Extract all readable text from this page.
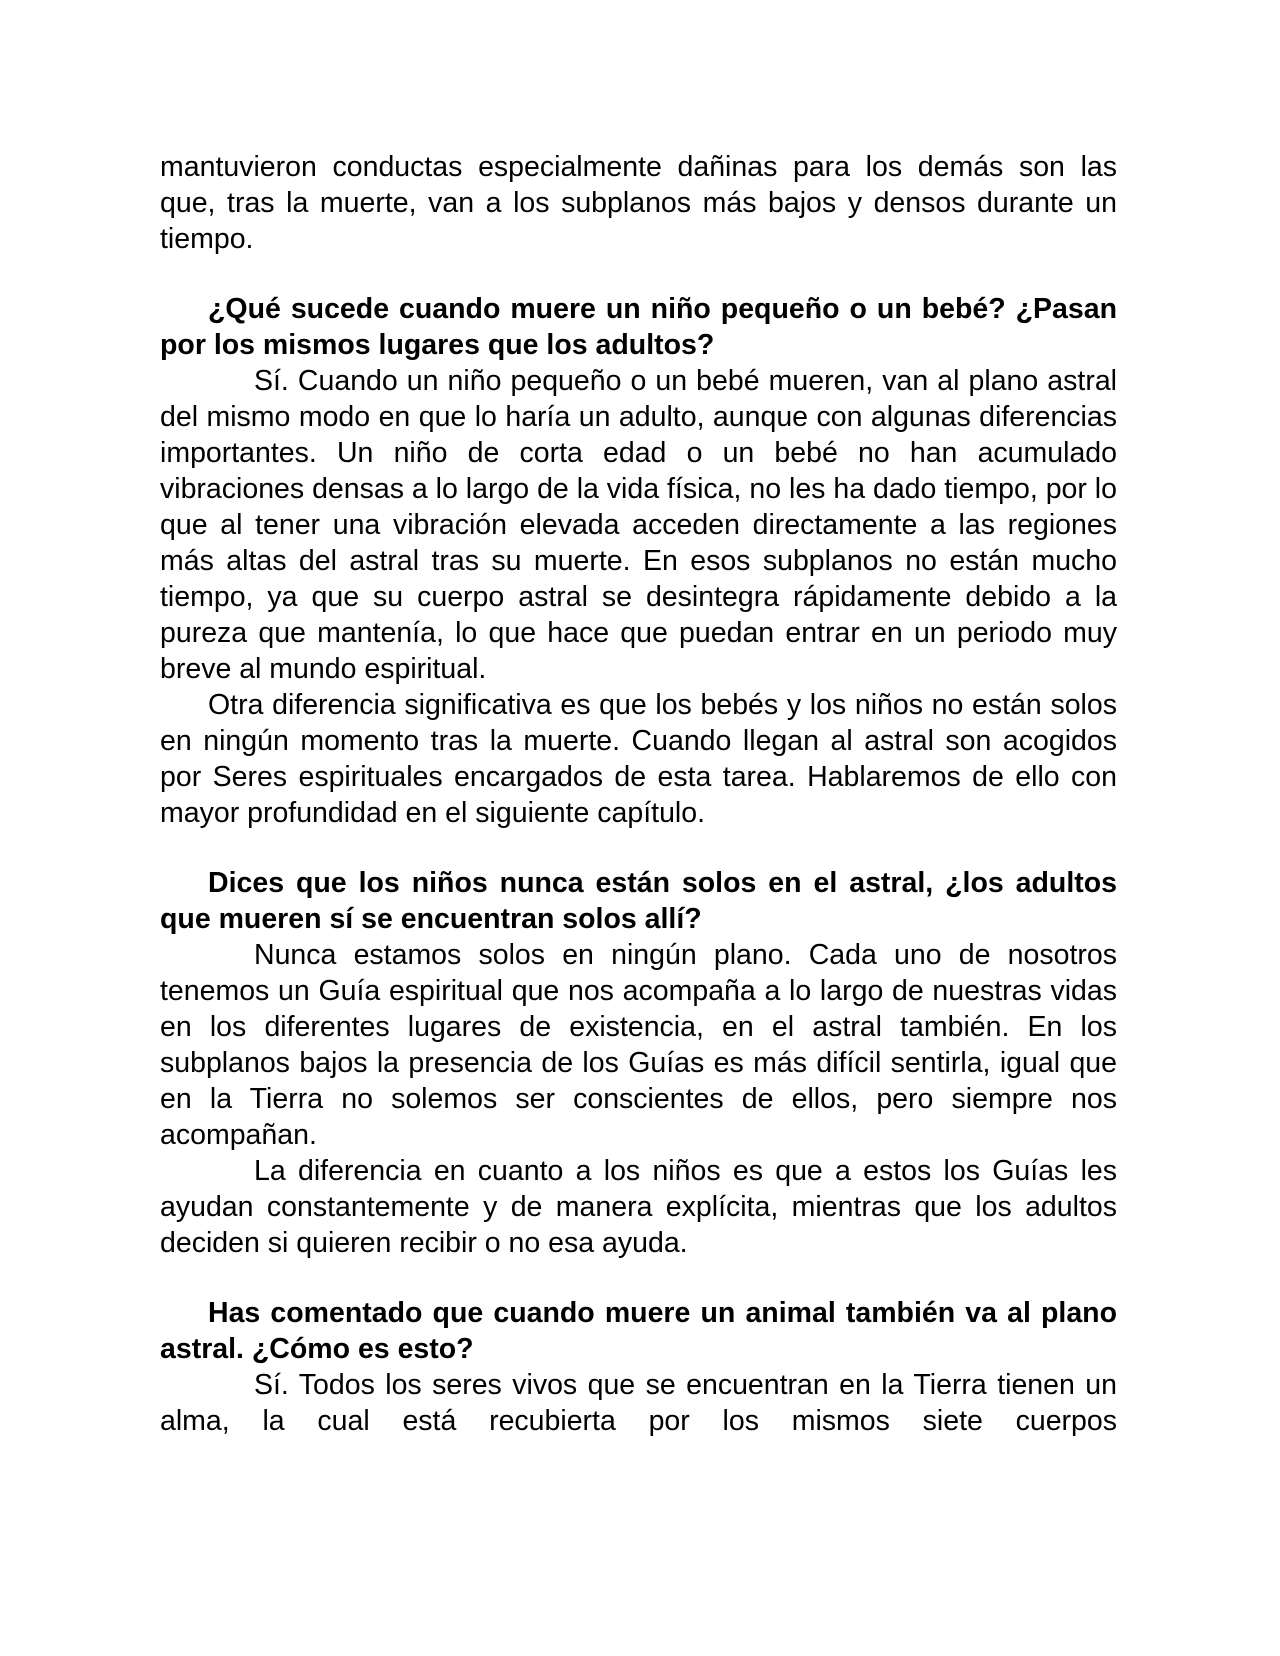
mantuvieron conductas especialmente dañinas para los demás son las que, tras la muerte, van a los subplanos más bajos y densos durante un tiempo.

¿Qué sucede cuando muere un niño pequeño o un bebé? ¿Pasan por los mismos lugares que los adultos?

Sí. Cuando un niño pequeño o un bebé mueren, van al plano astral del mismo modo en que lo haría un adulto, aunque con algunas diferencias importantes. Un niño de corta edad o un bebé no han acumulado vibraciones densas a lo largo de la vida física, no les ha dado tiempo, por lo que al tener una vibración elevada acceden directamente a las regiones más altas del astral tras su muerte. En esos subplanos no están mucho tiempo, ya que su cuerpo astral se desintegra rápidamente debido a la pureza que mantenía, lo que hace que puedan entrar en un periodo muy breve al mundo espiritual.

Otra diferencia significativa es que los bebés y los niños no están solos en ningún momento tras la muerte. Cuando llegan al astral son acogidos por Seres espirituales encargados de esta tarea. Hablaremos de ello con mayor profundidad en el siguiente capítulo.

Dices que los niños nunca están solos en el astral, ¿los adultos que mueren sí se encuentran solos allí?

Nunca estamos solos en ningún plano. Cada uno de nosotros tenemos un Guía espiritual que nos acompaña a lo largo de nuestras vidas en los diferentes lugares de existencia, en el astral también. En los subplanos bajos la presencia de los Guías es más difícil sentirla, igual que en la Tierra no solemos ser conscientes de ellos, pero siempre nos acompañan.

La diferencia en cuanto a los niños es que a estos los Guías les ayudan constantemente y de manera explícita, mientras que los adultos deciden si quieren recibir o no esa ayuda.

Has comentado que cuando muere un animal también va al plano astral. ¿Cómo es esto?

Sí. Todos los seres vivos que se encuentran en la Tierra tienen un alma, la cual está recubierta por los mismos siete cuerpos
